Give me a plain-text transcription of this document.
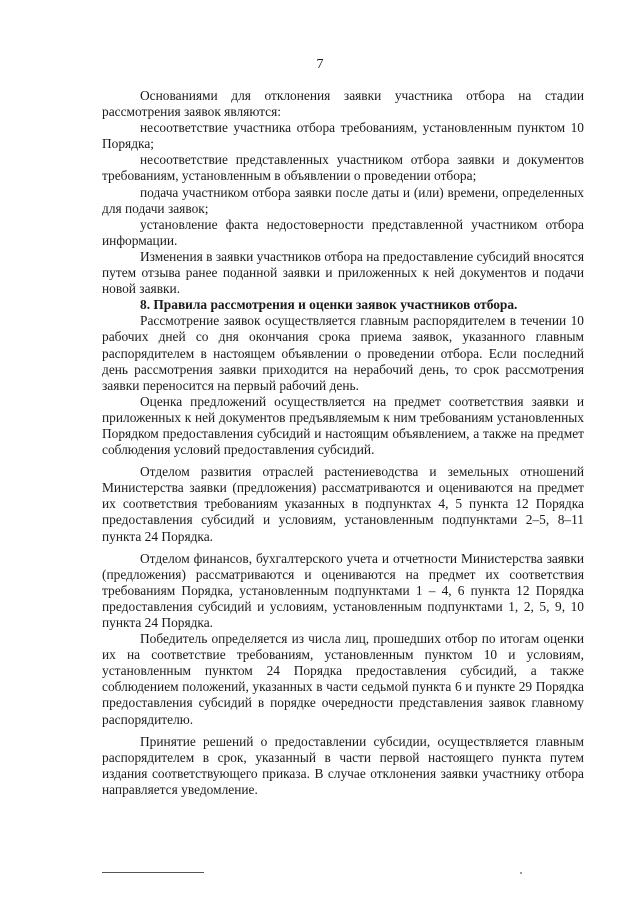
7

Основаниями для отклонения заявки участника отбора на стадии рассмотрения заявок являются:

несоответствие участника отбора требованиям, установленным пунктом 10 Порядка;

несоответствие представленных участником отбора заявки и документов требованиям, установленным в объявлении о проведении отбора;

подача участником отбора заявки после даты и (или) времени, определенных для подачи заявок;

установление факта недостоверности представленной участником отбора информации.

Изменения в заявки участников отбора на предоставление субсидий вносятся путем отзыва ранее поданной заявки и приложенных к ней документов и подачи новой заявки.

8. Правила рассмотрения и оценки заявок участников отбора.

Рассмотрение заявок осуществляется главным распорядителем в течении 10 рабочих дней со дня окончания срока приема заявок, указанного главным распорядителем в настоящем объявлении о проведении отбора. Если последний день рассмотрения заявки приходится на нерабочий день, то срок рассмотрения заявки переносится на первый рабочий день.

Оценка предложений осуществляется на предмет соответствия заявки и приложенных к ней документов предъявляемым к ним требованиям установленных Порядком предоставления субсидий и настоящим объявлением, а также на предмет соблюдения условий предоставления субсидий.

Отделом развития отраслей растениеводства и земельных отношений Министерства заявки (предложения) рассматриваются и оцениваются на предмет их соответствия требованиям указанных в подпунктах 4, 5 пункта 12 Порядка предоставления субсидий и условиям, установленным подпунктами 2–5, 8–11 пункта 24 Порядка.

Отделом финансов, бухгалтерского учета и отчетности Министерства заявки (предложения) рассматриваются и оцениваются на предмет их соответствия требованиям Порядка, установленным подпунктами 1 – 4, 6 пункта 12 Порядка предоставления субсидий и условиям, установленным подпунктами 1, 2, 5, 9, 10 пункта 24 Порядка.

Победитель определяется из числа лиц, прошедших отбор по итогам оценки их на соответствие требованиям, установленным пунктом 10 и условиям, установленным пунктом 24 Порядка предоставления субсидий, а также соблюдением положений, указанных в части седьмой пункта 6 и пункте 29 Порядка предоставления субсидий в порядке очередности представления заявок главному распорядителю.

Принятие решений о предоставлении субсидии, осуществляется главным распорядителем в срок, указанный в части первой настоящего пункта путем издания соответствующего приказа. В случае отклонения заявки участнику отбора направляется уведомление.
